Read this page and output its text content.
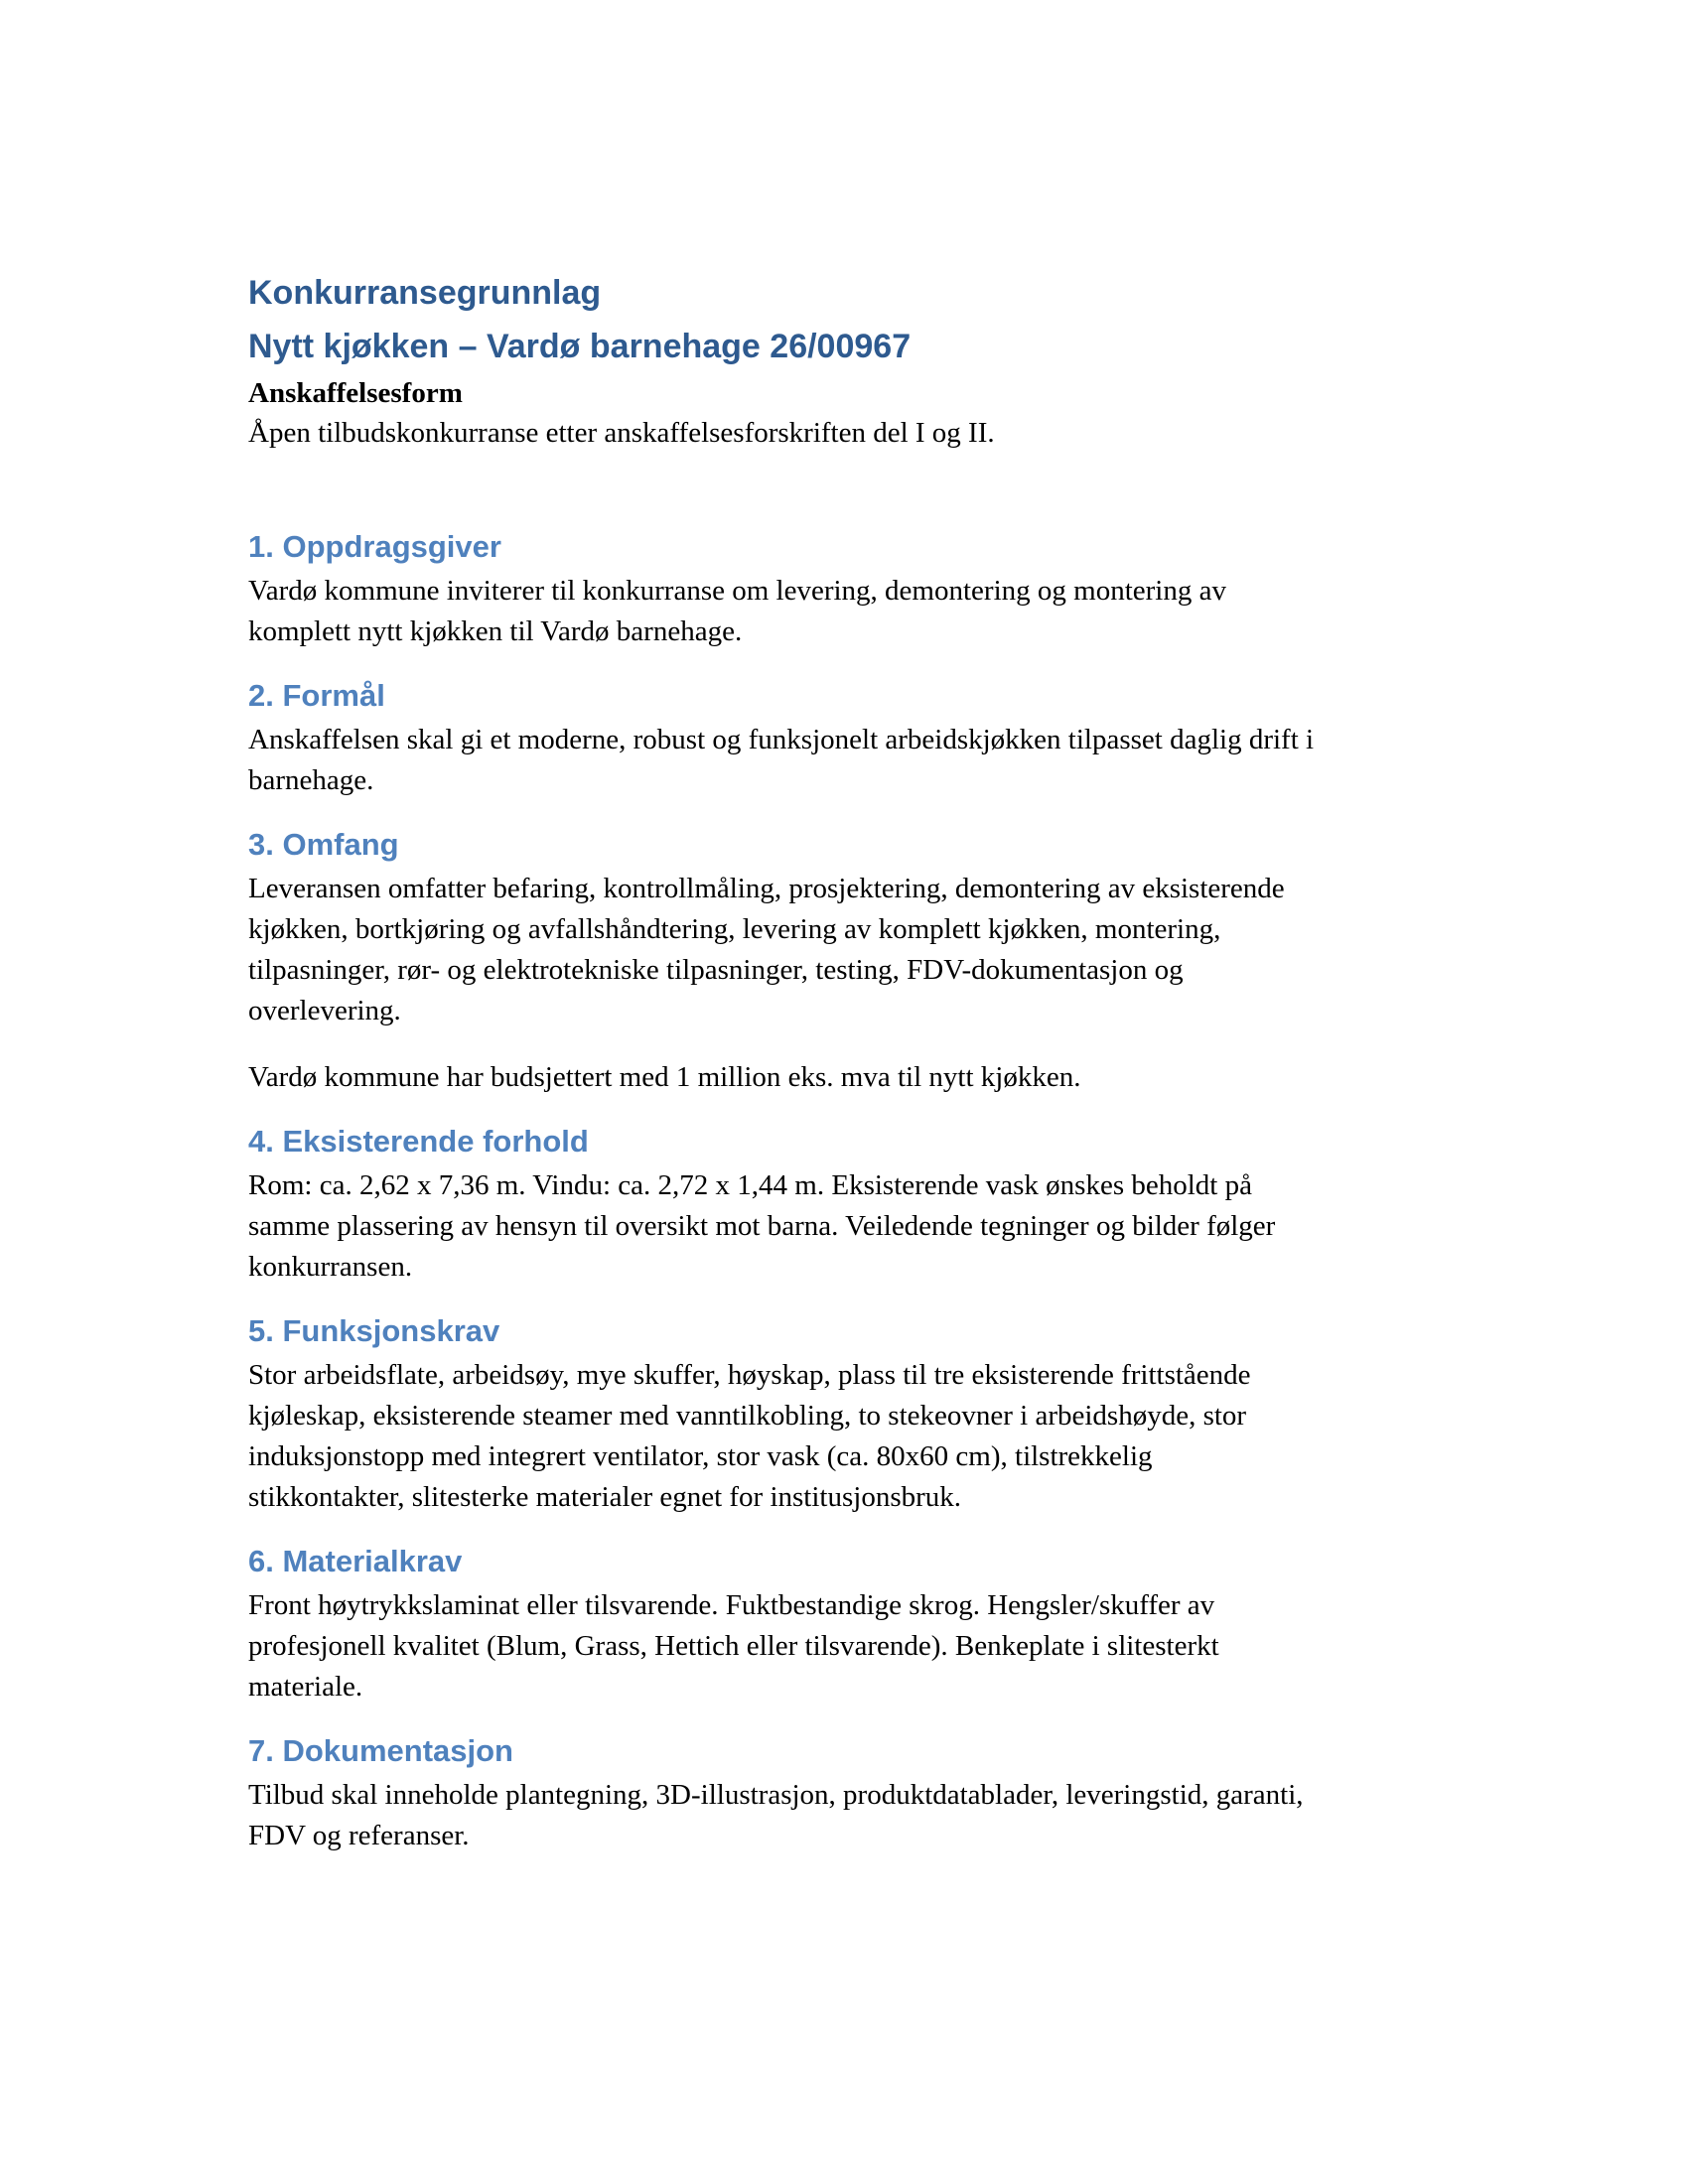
Konkurransegrunnlag
Nytt kjøkken – Vardø barnehage 26/00967

Anskaffelsesform

Åpen tilbudskonkurranse etter anskaffelsesforskriften del I og II.

1. Oppdragsgiver

Vardø kommune inviterer til konkurranse om levering, demontering og montering av

komplett nytt kjøkken til Vardø barnehage.

2. Formål

Anskaffelsen skal gi et moderne, robust og funksjonelt arbeidskjøkken tilpasset daglig drift i

barnehage.

3. Omfang

Leveransen omfatter befaring, kontrollmåling, prosjektering, demontering av eksisterende

kjøkken, bortkjøring og avfallshåndtering, levering av komplett kjøkken, montering,

tilpasninger, rør- og elektrotekniske tilpasninger, testing, FDV-dokumentasjon og

overlevering.

Vardø kommune har budsjettert med 1 million eks. mva til nytt kjøkken.

4. Eksisterende forhold

Rom: ca. 2,62 x 7,36 m. Vindu: ca. 2,72 x 1,44 m. Eksisterende vask ønskes beholdt på

samme plassering av hensyn til oversikt mot barna. Veiledende tegninger og bilder følger

konkurransen.

5. Funksjonskrav

Stor arbeidsflate, arbeidsøy, mye skuffer, høyskap, plass til tre eksisterende frittstående

kjøleskap, eksisterende steamer med vanntilkobling, to stekeovner i arbeidshøyde, stor

induksjonstopp med integrert ventilator, stor vask (ca. 80x60 cm), tilstrekkelig

stikkontakter, slitesterke materialer egnet for institusjonsbruk.

6. Materialkrav

Front høytrykkslaminat eller tilsvarende. Fuktbestandige skrog. Hengsler/skuffer av

profesjonell kvalitet (Blum, Grass, Hettich eller tilsvarende). Benkeplate i slitesterkt

materiale.

7. Dokumentasjon

Tilbud skal inneholde plantegning, 3D-illustrasjon, produktdatablader, leveringstid, garanti,

FDV og referanser.
